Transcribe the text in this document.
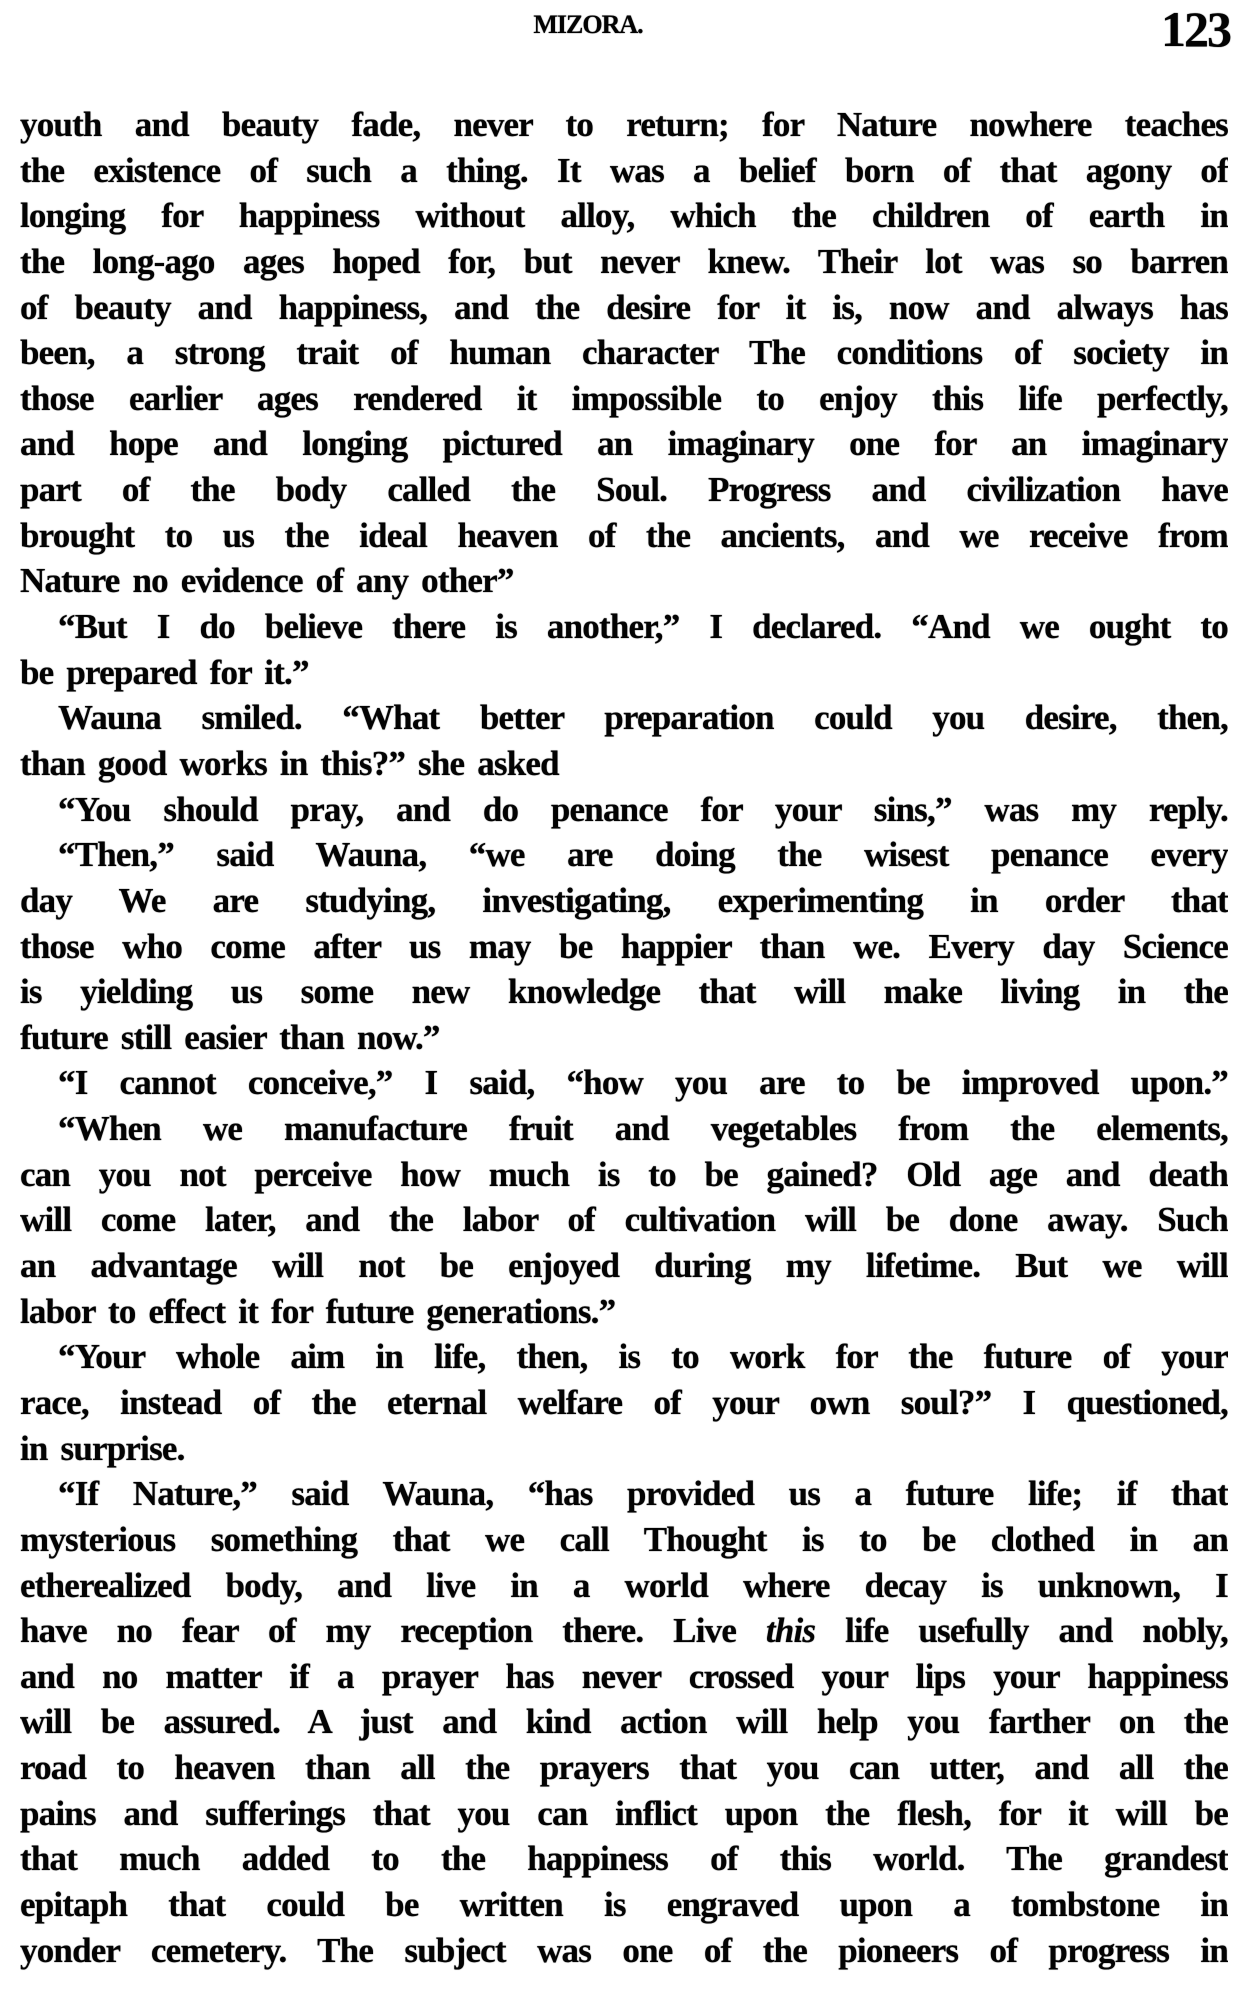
MIZORA.	123
youth and beauty fade, never to return; for Nature nowhere teaches
the existence of such a thing. It was a belief born of that agony of
longing for happiness without alloy, which the children of earth in
the long-ago ages hoped for, but never knew. Their lot was so barren
of beauty and happiness, and the desire for it is, now and always has
been, a strong trait of human character The conditions of society in
those earlier ages rendered it impossible to enjoy this life perfectly,
and hope and longing pictured an imaginary one for an imaginary
part of the body called the Soul. Progress and civilization have
brought to us the ideal heaven of the ancients, and we receive from
Nature no evidence of any other”
“But I do believe there is another,” I declared. “And we ought to
be prepared for it.”
Wauna smiled. “What better preparation could you desire, then,
than good works in this?” she asked
“You should pray, and do penance for your sins,” was my reply.
“Then,” said Wauna, “we are doing the wisest penance every
day We are studying, investigating, experimenting in order that
those who come after us may be happier than we. Every day Science
is yielding us some new knowledge that will make living in the
future still easier than now.”
“I cannot conceive,” I said, “how you are to be improved upon.”
“When we manufacture fruit and vegetables from the elements,
can you not perceive how much is to be gained? Old age and death
will come later, and the labor of cultivation will be done away. Such
an advantage will not be enjoyed during my lifetime. But we will
labor to effect it for future generations.”
“Your whole aim in life, then, is to work for the future of your
race, instead of the eternal welfare of your own soul?” I questioned,
in surprise.
“If Nature,” said Wauna, “has provided us a future life; if that
mysterious something that we call Thought is to be clothed in an
etherealized body, and live in a world where decay is unknown, I
have no fear of my reception there. Live this life usefully and nobly,
and no matter if a prayer has never crossed your lips your happiness
will be assured. A just and kind action will help you farther on the
road to heaven than all the prayers that you can utter, and all the
pains and sufferings that you can inflict upon the flesh, for it will be
that much added to the happiness of this world. The grandest
epitaph that could be written is engraved upon a tombstone in
yonder cemetery. The subject was one of the pioneers of progress in
